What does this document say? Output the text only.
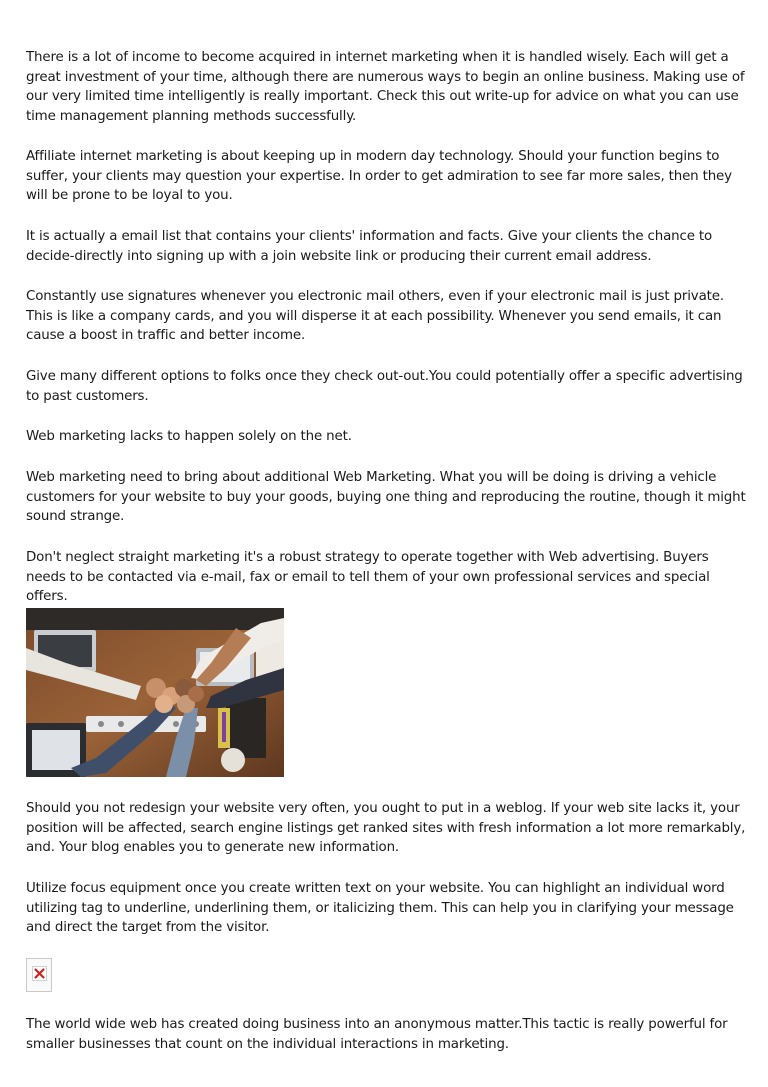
There is a lot of income to become acquired in internet marketing when it is handled wisely. Each will get a great investment of your time, although there are numerous ways to begin an online business. Making use of our very limited time intelligently is really important. Check this out write-up for advice on what you can use time management planning methods successfully.

Affiliate internet marketing is about keeping up in modern day technology. Should your function begins to suffer, your clients may question your expertise. In order to get admiration to see far more sales, then they will be prone to be loyal to you.

It is actually a email list that contains your clients' information and facts. Give your clients the chance to decide-directly into signing up with a join website link or producing their current email address.

Constantly use signatures whenever you electronic mail others, even if your electronic mail is just private. This is like a company cards, and you will disperse it at each possibility. Whenever you send emails, it can cause a boost in traffic and better income.

Give many different options to folks once they check out-out.You could potentially offer a specific advertising to past customers.

Web marketing lacks to happen solely on the net.

Web marketing need to bring about additional Web Marketing. What you will be doing is driving a vehicle customers for your website to buy your goods, buying one thing and reproducing the routine, though it might sound strange.

Don't neglect straight marketing it's a robust strategy to operate together with Web advertising. Buyers needs to be contacted via e-mail, fax or email to tell them of your own professional services and special offers.

Should you not redesign your website very often, you ought to put in a weblog. If your web site lacks it, your position will be affected, search engine listings get ranked sites with fresh information a lot more remarkably, and. Your blog enables you to generate new information.

Utilize focus equipment once you create written text on your website. You can highlight an individual word utilizing tag to underline, underlining them, or italicizing them. This can help you in clarifying your message and direct the target from the visitor.

The world wide web has created doing business into an anonymous matter.This tactic is really powerful for smaller businesses that count on the individual interactions in marketing.
